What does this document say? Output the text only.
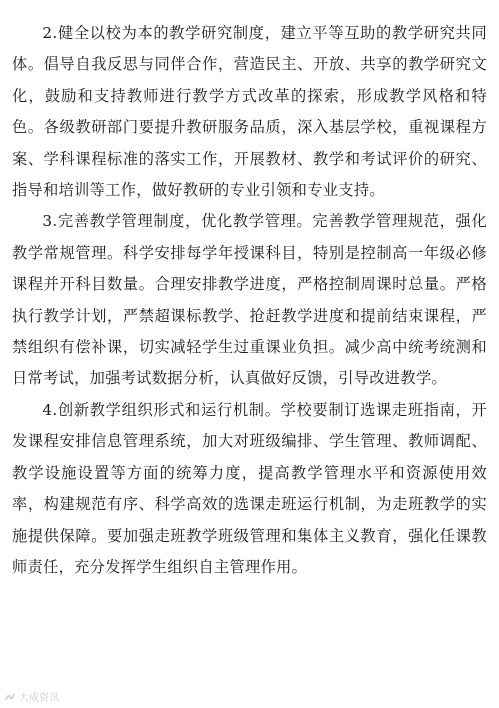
2.健全以校为本的教学研究制度，建立平等互助的教学研究共同体。倡导自我反思与同伴合作，营造民主、开放、共享的教学研究文化，鼓励和支持教师进行教学方式改革的探索，形成教学风格和特色。各级教研部门要提升教研服务品质，深入基层学校，重视课程方案、学科课程标准的落实工作，开展教材、教学和考试评价的研究、指导和培训等工作，做好教研的专业引领和专业支持。

3.完善教学管理制度，优化教学管理。完善教学管理规范，强化教学常规管理。科学安排每学年授课科目，特别是控制高一年级必修课程并开科目数量。合理安排教学进度，严格控制周课时总量。严格执行教学计划，严禁超课标教学、抢赶教学进度和提前结束课程，严禁组织有偿补课，切实减轻学生过重课业负担。减少高中统考统测和日常考试，加强考试数据分析，认真做好反馈，引导改进教学。

4.创新教学组织形式和运行机制。学校要制订选课走班指南，开发课程安排信息管理系统，加大对班级编排、学生管理、教师调配、教学设施设置等方面的统筹力度，提高教学管理水平和资源使用效率，构建规范有序、科学高效的选课走班运行机制，为走班教学的实施提供保障。要加强走班教学班级管理和集体主义教育，强化任课教师责任，充分发挥学生组织自主管理作用。

大成资讯
